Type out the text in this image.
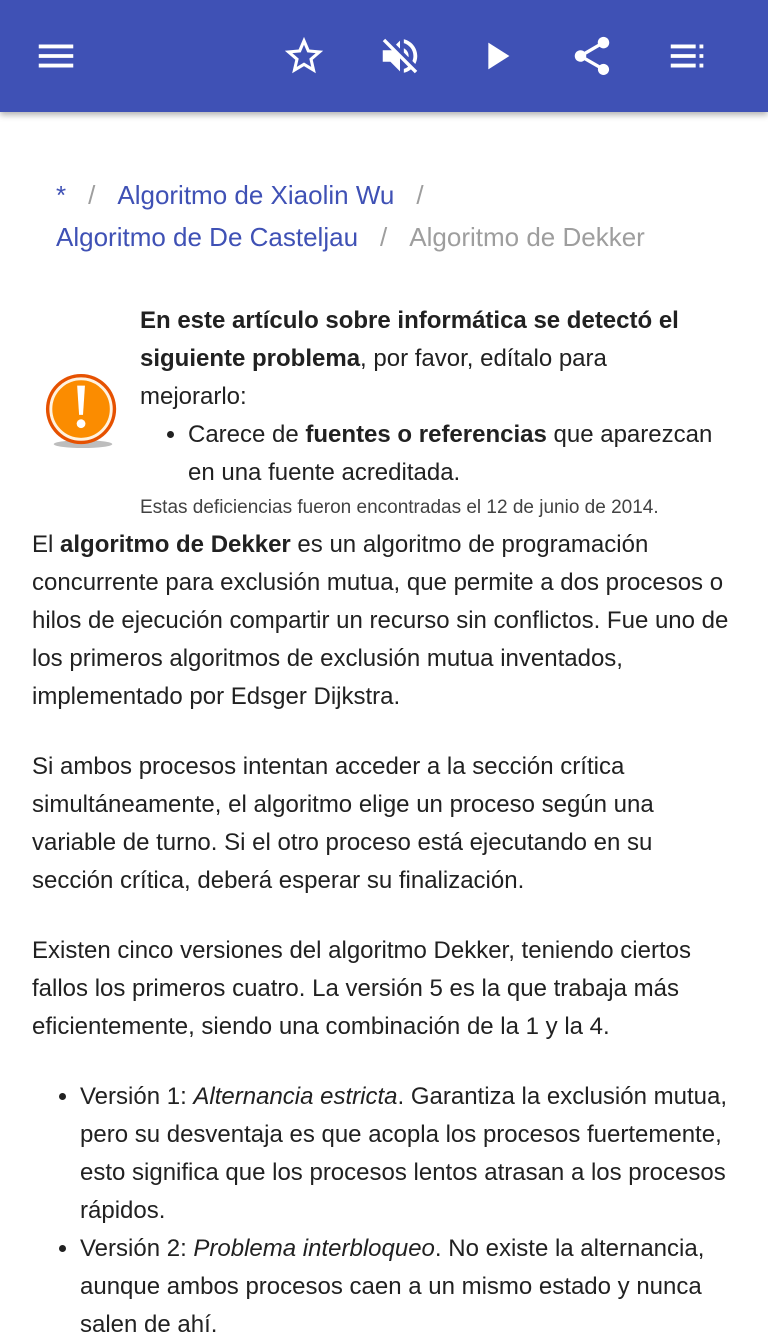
* / Algoritmo de Xiaolin Wu /
Algoritmo de De Casteljau / Algoritmo de Dekker
En este artículo sobre informática se detectó el siguiente problema, por favor, edítalo para mejorarlo:
• Carece de fuentes o referencias que aparezcan en una fuente acreditada.
Estas deficiencias fueron encontradas el 12 de junio de 2014.

El algoritmo de Dekker es un algoritmo de programación concurrente para exclusión mutua, que permite a dos procesos o hilos de ejecución compartir un recurso sin conflictos. Fue uno de los primeros algoritmos de exclusión mutua inventados, implementado por Edsger Dijkstra.

Si ambos procesos intentan acceder a la sección crítica simultáneamente, el algoritmo elige un proceso según una variable de turno. Si el otro proceso está ejecutando en su sección crítica, deberá esperar su finalización.

Existen cinco versiones del algoritmo Dekker, teniendo ciertos fallos los primeros cuatro. La versión 5 es la que trabaja más eficientemente, siendo una combinación de la 1 y la 4.

• Versión 1: Alternancia estricta. Garantiza la exclusión mutua, pero su desventaja es que acopla los procesos fuertemente, esto significa que los procesos lentos atrasan a los procesos rápidos.
• Versión 2: Problema interbloqueo. No existe la alternancia, aunque ambos procesos caen a un mismo estado y nunca salen de ahí.
